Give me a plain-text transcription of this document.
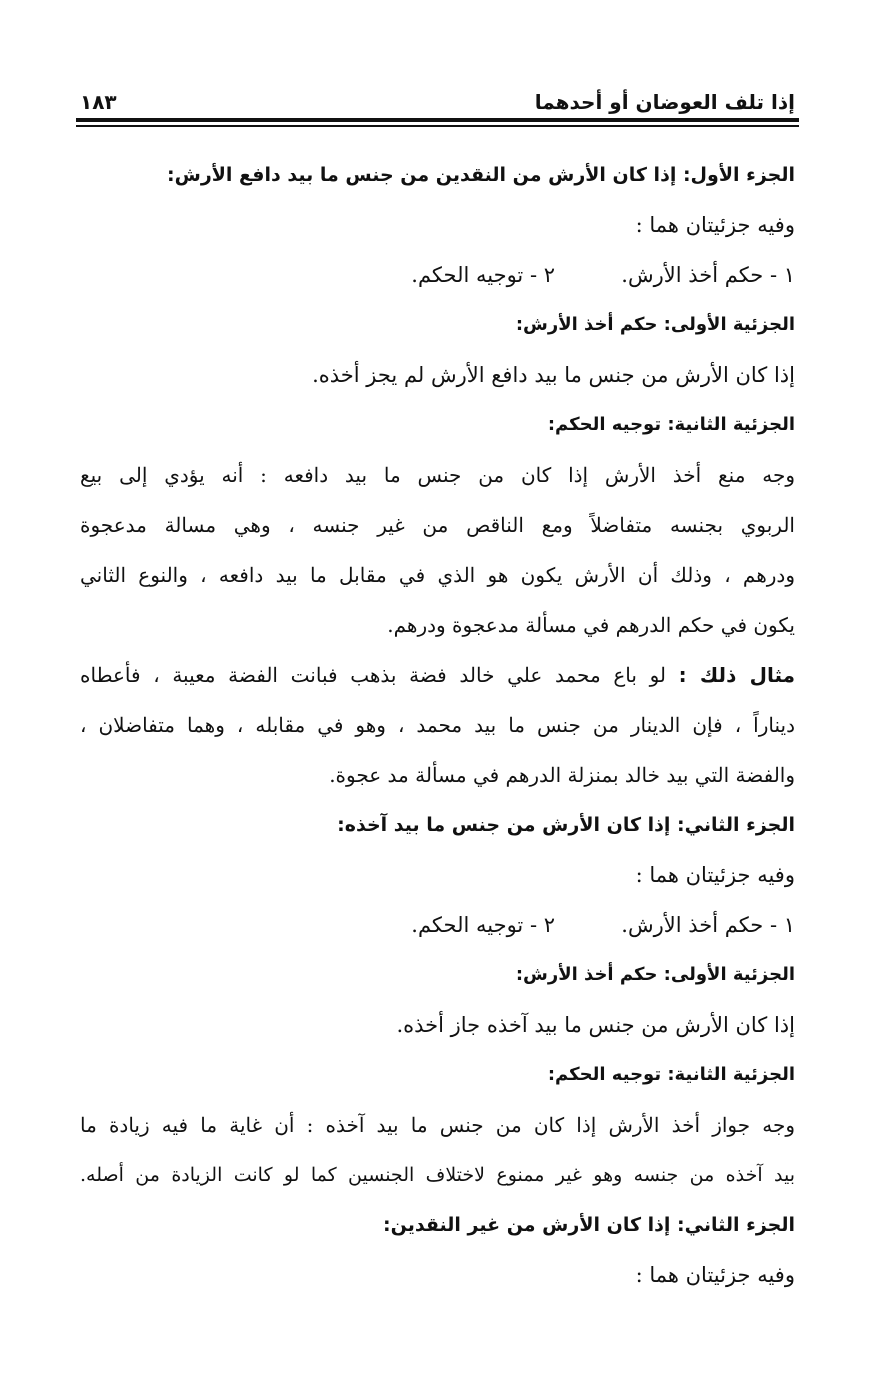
إذا تلف العوضان أو أحدهما
١٨٣
الجزء الأول: إذا كان الأرش من النقدين من جنس ما بيد دافع الأرش:
وفيه جزئيتان هما :
١ - حكم أخذ الأرش.
٢ - توجيه الحكم.
الجزئية الأولى: حكم أخذ الأرش:
إذا كان الأرش من جنس ما بيد دافع الأرش لم يجز أخذه.
الجزئية الثانية: توجيه الحكم:
وجه منع أخذ الأرش إذا كان من جنس ما بيد دافعه : أنه يؤدي إلى بيع
الربوي بجنسه متفاضلاً ومع الناقص من غير جنسه ، وهي مسالة مدعجوة
ودرهم ، وذلك أن الأرش يكون هو الذي في مقابل ما بيد دافعه ، والنوع الثاني
يكون في حكم الدرهم في مسألة مدعجوة ودرهم.
مثال ذلك : لو باع محمد علي خالد فضة بذهب فبانت الفضة معيبة ، فأعطاه
ديناراً ، فإن الدينار من جنس ما بيد محمد ، وهو في مقابله ، وهما متفاضلان ،
والفضة التي بيد خالد بمنزلة الدرهم في مسألة مد عجوة.
الجزء الثاني: إذا كان الأرش من جنس ما بيد آخذه:
وفيه جزئيتان هما :
١ - حكم أخذ الأرش.
٢ - توجيه الحكم.
الجزئية الأولى: حكم أخذ الأرش:
إذا كان الأرش من جنس ما بيد آخذه جاز أخذه.
الجزئية الثانية: توجيه الحكم:
وجه جواز أخذ الأرش إذا كان من جنس ما بيد آخذه : أن غاية ما فيه زيادة ما
بيد آخذه من جنسه وهو غير ممنوع لاختلاف الجنسين كما لو كانت الزيادة من أصله.
الجزء الثاني: إذا كان الأرش من غير النقدين:
وفيه جزئيتان هما :
